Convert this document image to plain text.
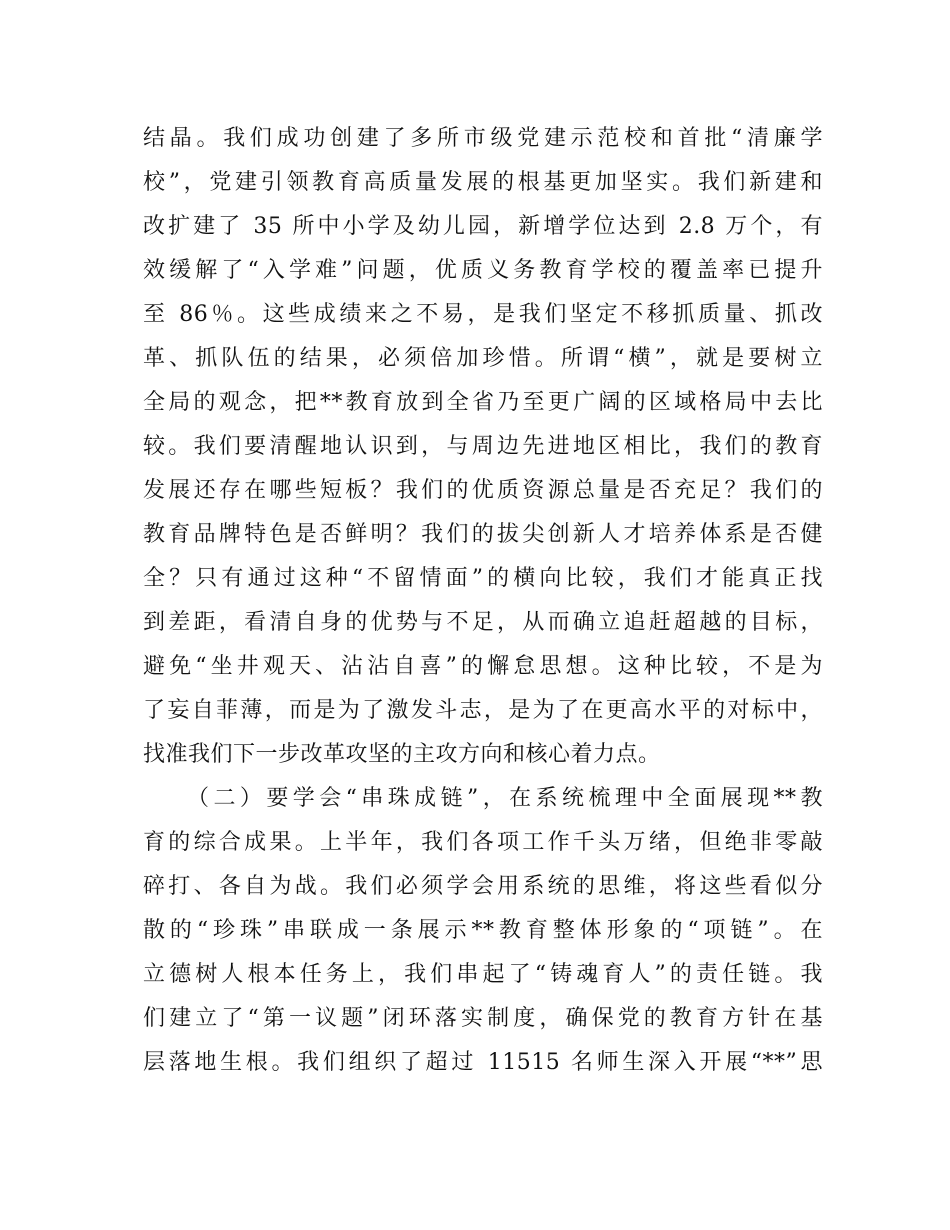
结晶。我们成功创建了多所市级党建示范校和首批“清廉学
校”，党建引领教育高质量发展的根基更加坚实。我们新建和
改扩建了 35 所中小学及幼儿园，新增学位达到 2.8 万个，有
效缓解了“入学难”问题，优质义务教育学校的覆盖率已提升
至 86％。这些成绩来之不易，是我们坚定不移抓质量、抓改
革、抓队伍的结果，必须倍加珍惜。所谓“横”，就是要树立
全局的观念，把**教育放到全省乃至更广阔的区域格局中去比
较。我们要清醒地认识到，与周边先进地区相比，我们的教育
发展还存在哪些短板？我们的优质资源总量是否充足？我们的
教育品牌特色是否鲜明？我们的拔尖创新人才培养体系是否健
全？只有通过这种“不留情面”的横向比较，我们才能真正找
到差距，看清自身的优势与不足，从而确立追赶超越的目标，
避免“坐井观天、沾沾自喜”的懈怠思想。这种比较，不是为
了妄自菲薄，而是为了激发斗志，是为了在更高水平的对标中，
找准我们下一步改革攻坚的主攻方向和核心着力点。
（二）要学会“串珠成链”，在系统梳理中全面展现**教
育的综合成果。上半年，我们各项工作千头万绪，但绝非零敲
碎打、各自为战。我们必须学会用系统的思维，将这些看似分
散的“珍珠”串联成一条展示**教育整体形象的“项链”。在
立德树人根本任务上，我们串起了“铸魂育人”的责任链。我
们建立了“第一议题”闭环落实制度，确保党的教育方针在基
层落地生根。我们组织了超过 11515 名师生深入开展“**”思
